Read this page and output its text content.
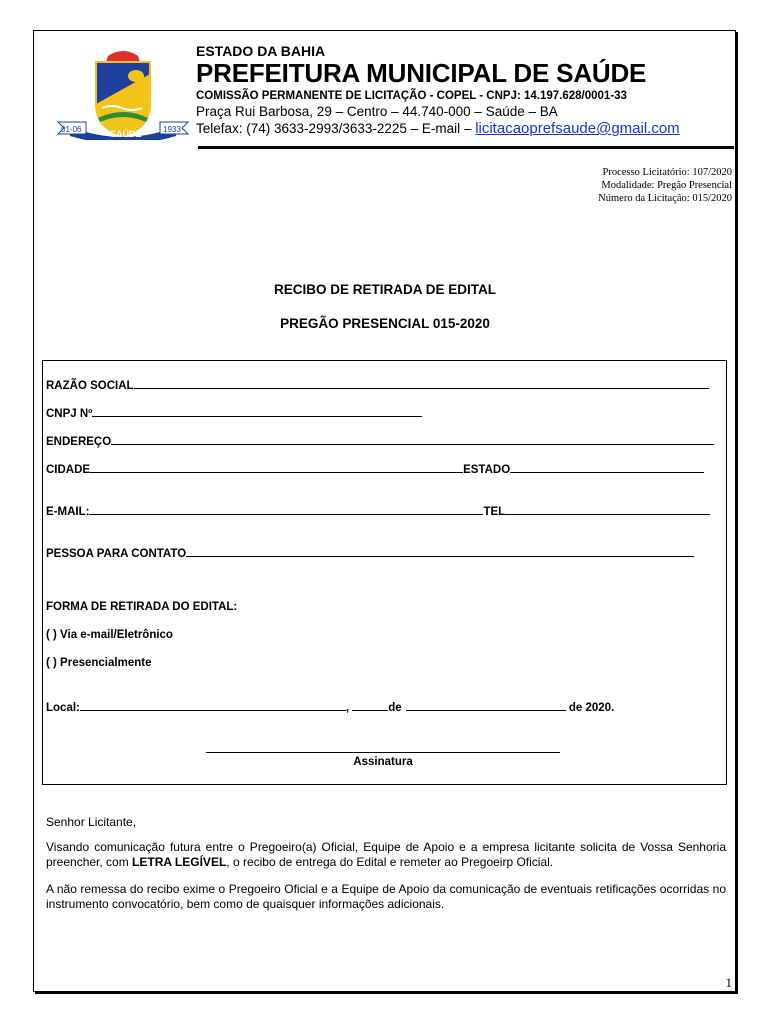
01-06	SAÚDE	1933
ESTADO DA BAHIA
PREFEITURA MUNICIPAL DE SAÚDE
COMISSÃO PERMANENTE DE LICITAÇÃO - COPEL - CNPJ: 14.197.628/0001-33
Praça Rui Barbosa, 29 – Centro – 44.740-000 – Saúde – BA
Telefax: (74) 3633-2993/3633-2225 – E-mail – licitacaoprefsaude@gmail.com
Processo Licitatório: 107/2020
Modalidade: Pregão Presencial
Número da Licitação: 015/2020
RECIBO DE RETIRADA DE EDITAL
PREGÃO PRESENCIAL 015-2020
RAZÃO SOCIAL
CNPJ Nº
ENDEREÇO
CIDADE	ESTADO
E-MAIL:	TEL
PESSOA PARA CONTATO
FORMA DE RETIRADA DO EDITAL:
( ) Via e-mail/Eletrônico
( ) Presencialmente
Local:	,	de	de 2020.
Assinatura
Senhor Licitante,
Visando comunicação futura entre o Pregoeiro(a) Oficial, Equipe de Apoio e a empresa licitante solicita de Vossa Senhoria preencher, com LETRA LEGÍVEL, o recibo de entrega do Edital e remeter ao Pregoeirp Oficial.
A não remessa do recibo exime o Pregoeiro Oficial e a Equipe de Apoio da comunicação de eventuais retificações ocorridas no instrumento convocatório, bem como de quaisquer informações adicionais.
1
